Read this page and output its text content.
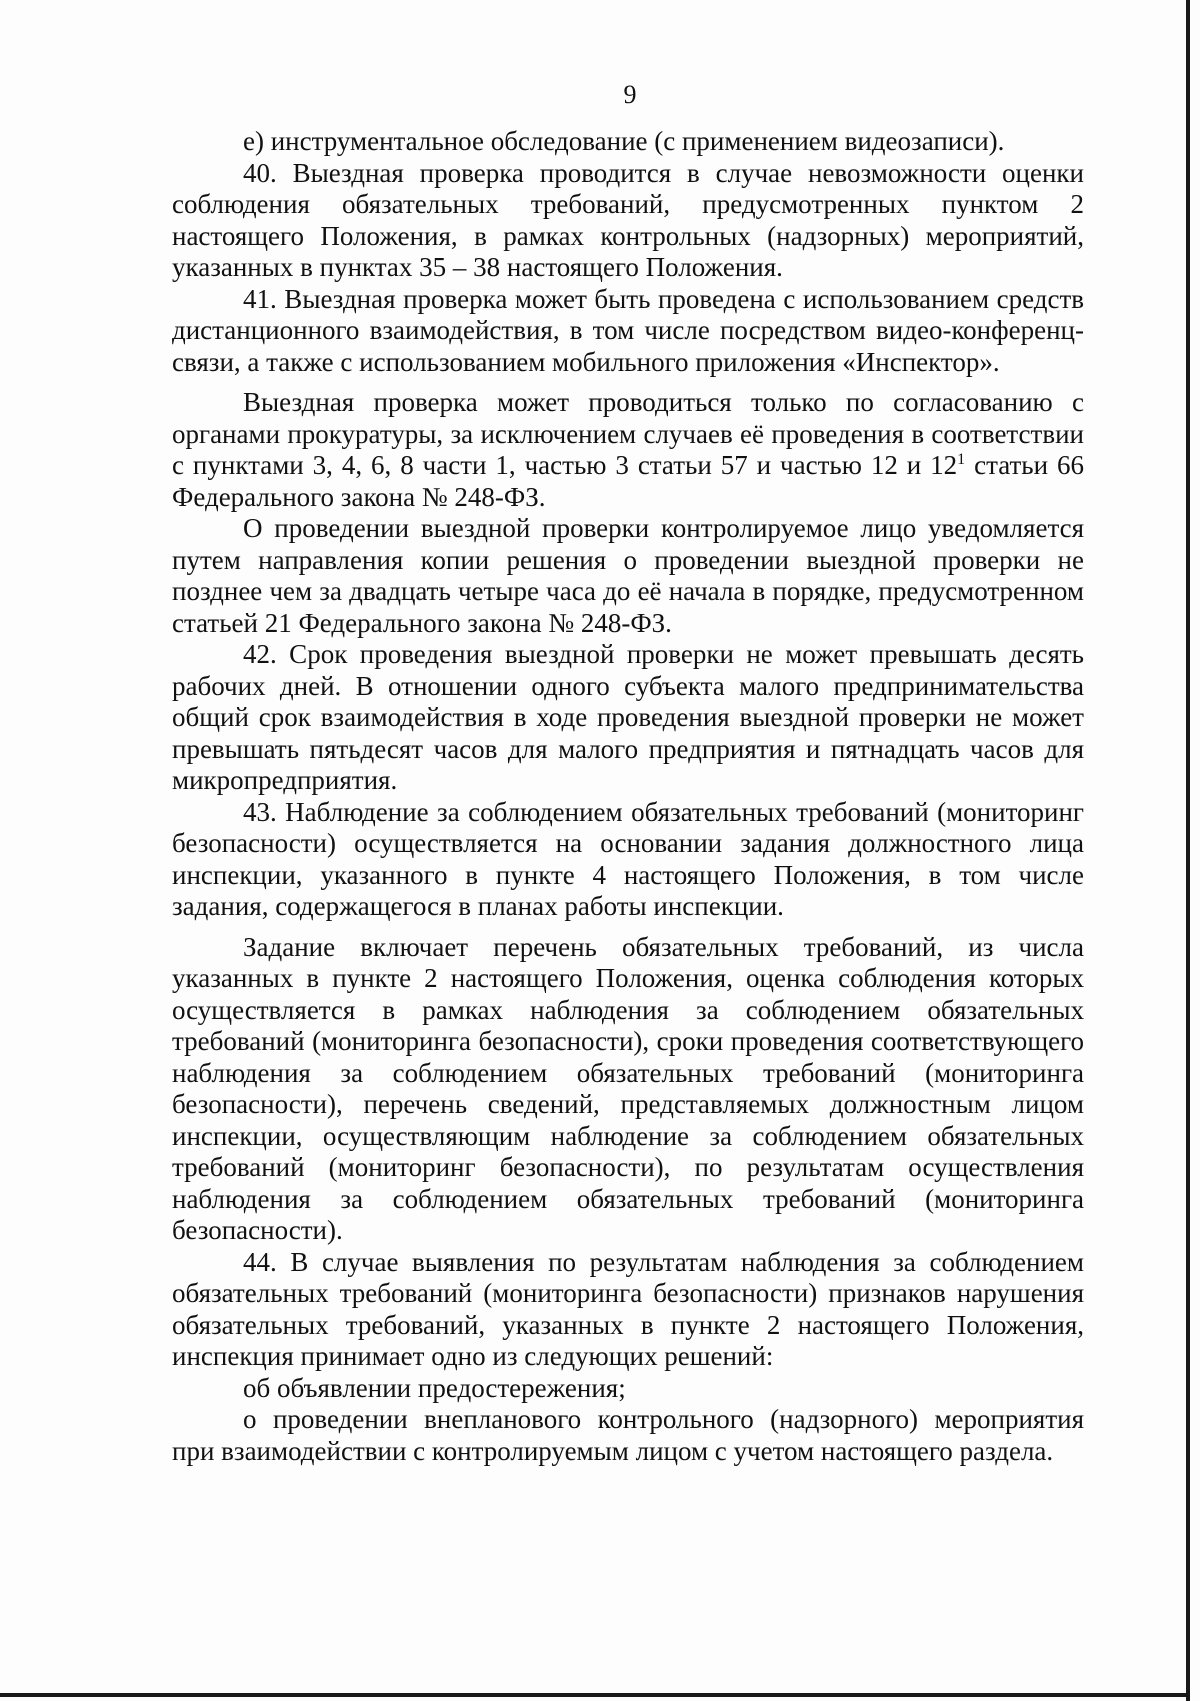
9

е) инструментальное обследование (с применением видеозаписи).

40. Выездная проверка проводится в случае невозможности оценки соблюдения обязательных требований, предусмотренных пунктом 2 настоящего Положения, в рамках контрольных (надзорных) мероприятий, указанных в пунктах 35 – 38 настоящего Положения.

41. Выездная проверка может быть проведена с использованием средств дистанционного взаимодействия, в том числе посредством видео-конференц-связи, а также с использованием мобильного приложения «Инспектор».

Выездная проверка может проводиться только по согласованию с органами прокуратуры, за исключением случаев её проведения в соответствии с пунктами 3, 4, 6, 8 части 1, частью 3 статьи 57 и частью 12 и $12^1$ статьи 66 Федерального закона № 248-ФЗ.

О проведении выездной проверки контролируемое лицо уведомляется путем направления копии решения о проведении выездной проверки не позднее чем за двадцать четыре часа до её начала в порядке, предусмотренном статьей 21 Федерального закона № 248-ФЗ.

42. Срок проведения выездной проверки не может превышать десять рабочих дней. В отношении одного субъекта малого предпринимательства общий срок взаимодействия в ходе проведения выездной проверки не может превышать пятьдесят часов для малого предприятия и пятнадцать часов для микропредприятия.

43. Наблюдение за соблюдением обязательных требований (мониторинг безопасности) осуществляется на основании задания должностного лица инспекции, указанного в пункте 4 настоящего Положения, в том числе задания, содержащегося в планах работы инспекции.

Задание включает перечень обязательных требований, из числа указанных в пункте 2 настоящего Положения, оценка соблюдения которых осуществляется в рамках наблюдения за соблюдением обязательных требований (мониторинга безопасности), сроки проведения соответствующего наблюдения за соблюдением обязательных требований (мониторинга безопасности), перечень сведений, представляемых должностным лицом инспекции, осуществляющим наблюдение за соблюдением обязательных требований (мониторинг безопасности), по результатам осуществления наблюдения за соблюдением обязательных требований (мониторинга безопасности).

44. В случае выявления по результатам наблюдения за соблюдением обязательных требований (мониторинга безопасности) признаков нарушения обязательных требований, указанных в пункте 2 настоящего Положения, инспекция принимает одно из следующих решений:

об объявлении предостережения;

о проведении внепланового контрольного (надзорного) мероприятия при взаимодействии с контролируемым лицом с учетом настоящего раздела.
